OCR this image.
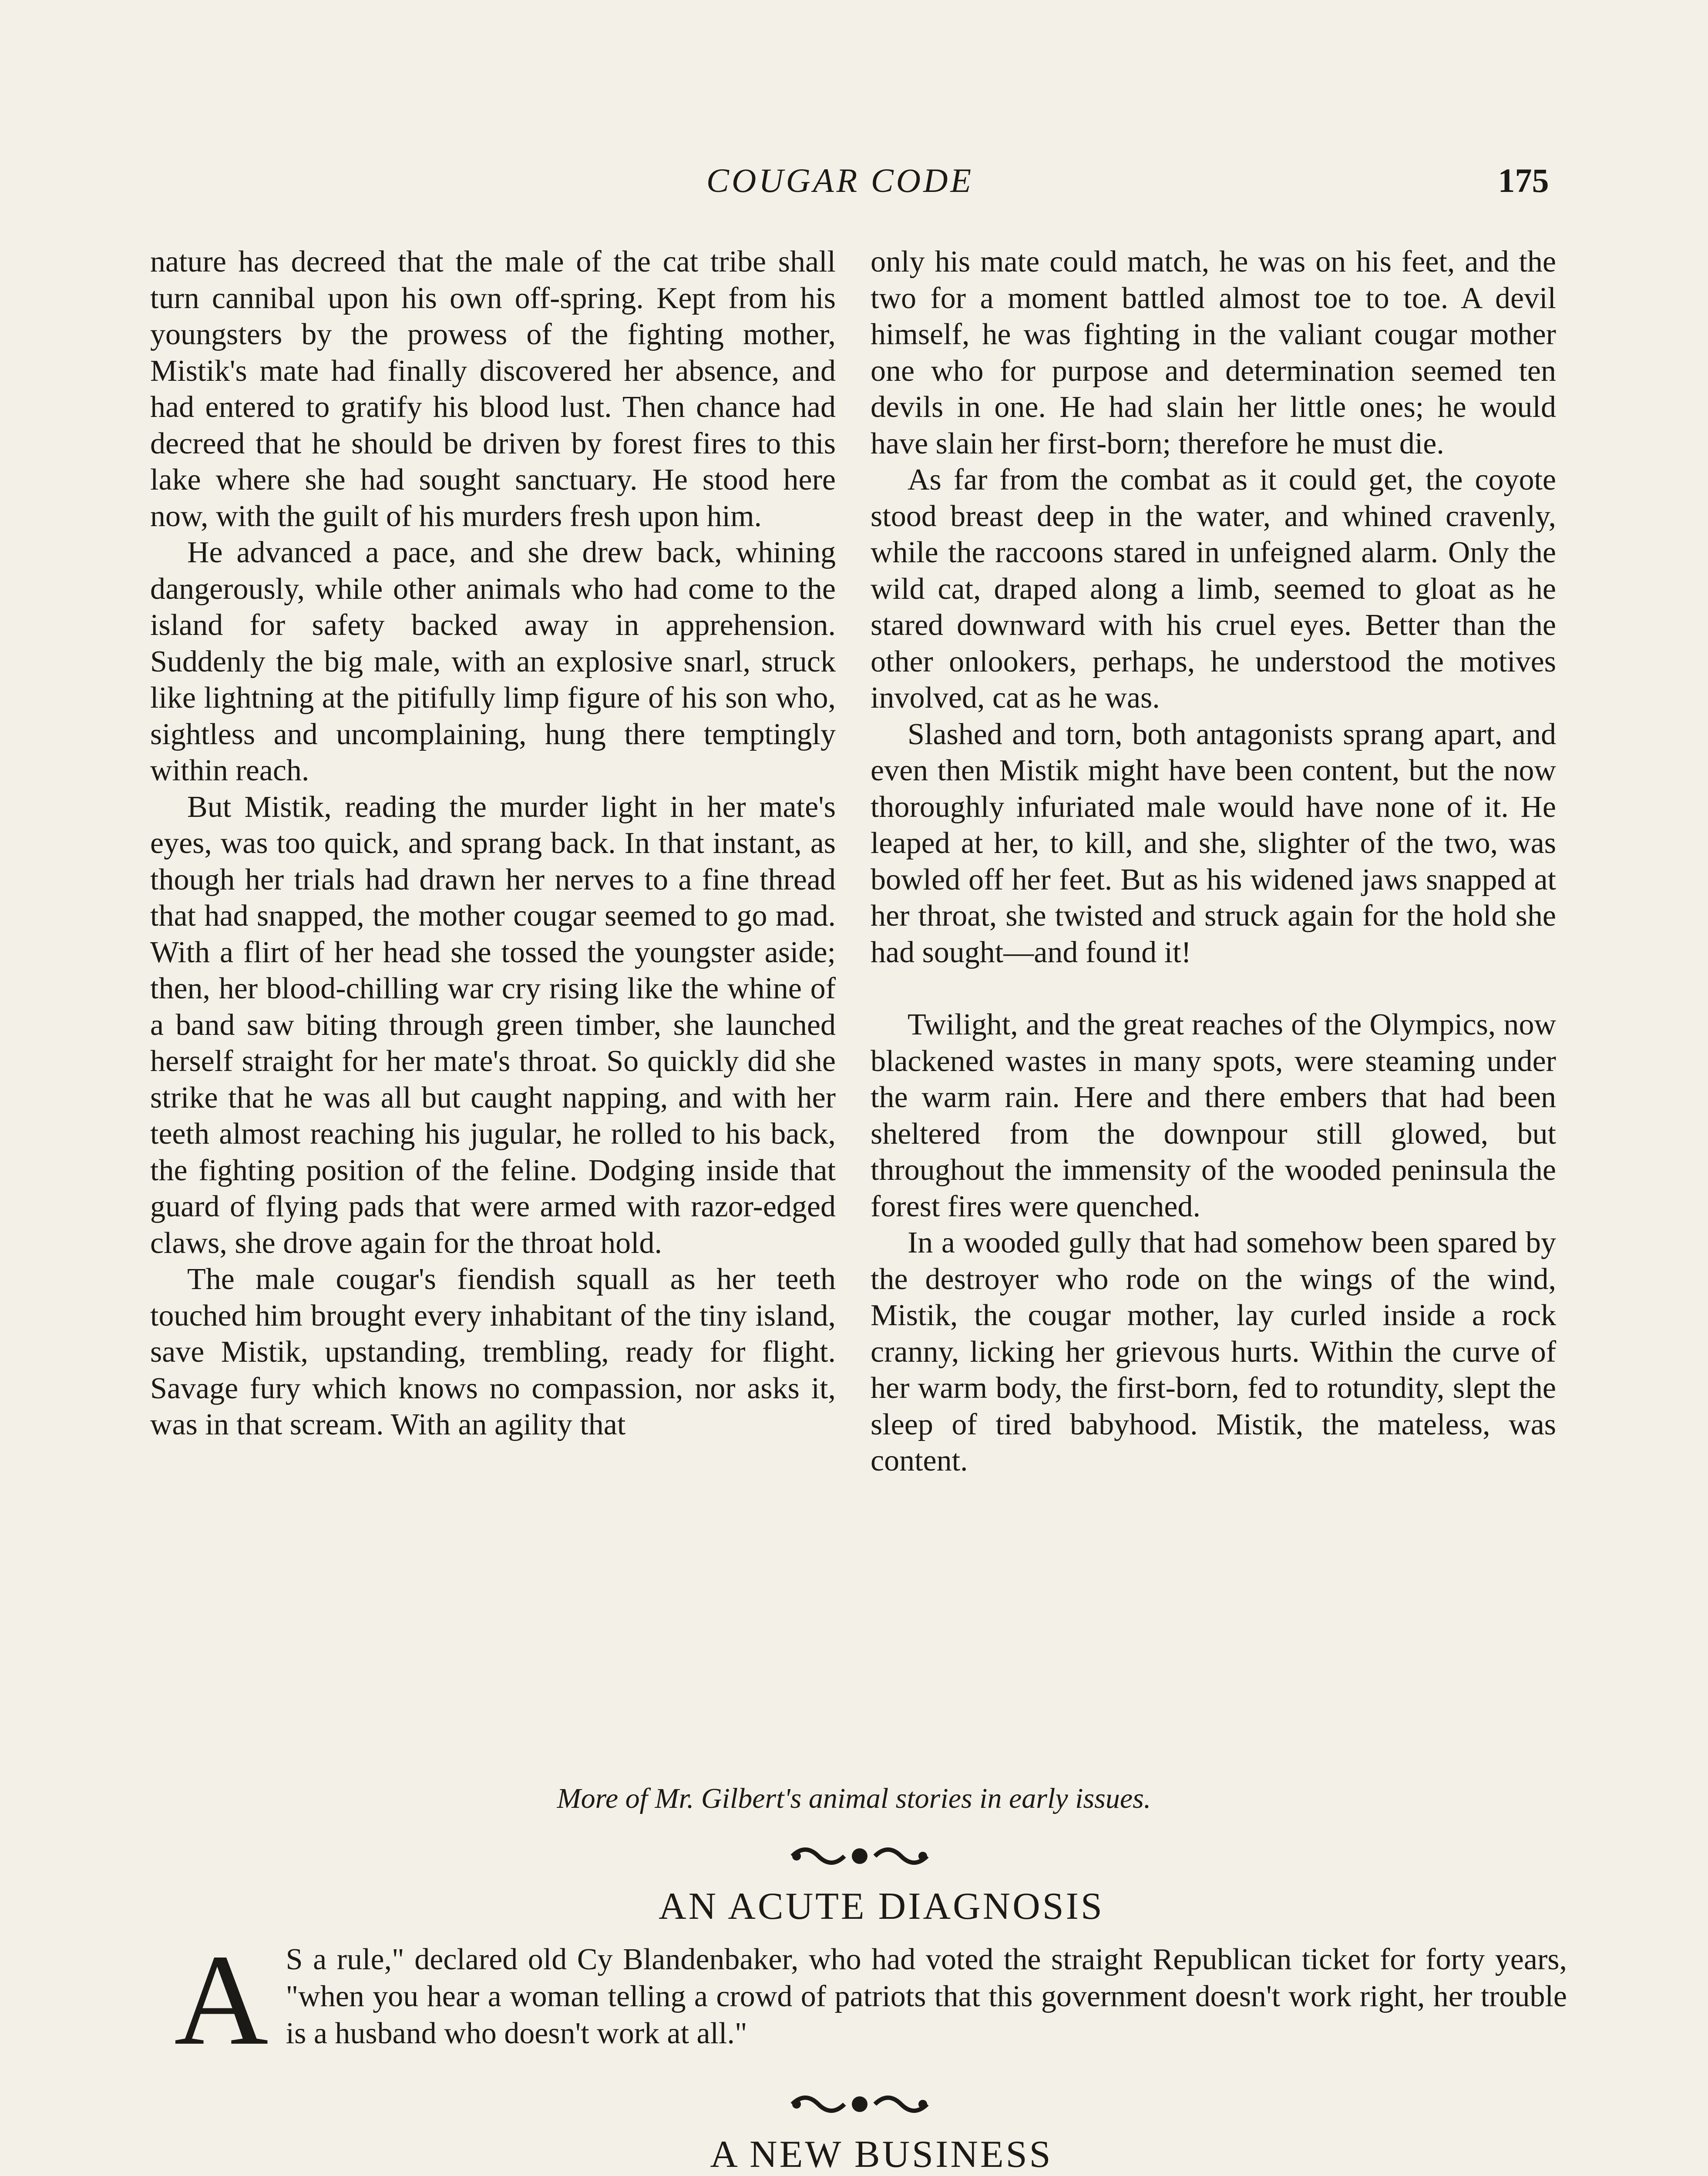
COUGAR CODE	175

nature has decreed that the male of the cat tribe shall turn cannibal upon his own off-spring. Kept from his youngsters by the prowess of the fighting mother, Mistik's mate had finally discovered her absence, and had entered to gratify his blood lust. Then chance had decreed that he should be driven by forest fires to this lake where she had sought sanctuary. He stood here now, with the guilt of his murders fresh upon him.

He advanced a pace, and she drew back, whining dangerously, while other animals who had come to the island for safety backed away in apprehension. Suddenly the big male, with an explosive snarl, struck like lightning at the pitifully limp figure of his son who, sightless and uncomplaining, hung there temptingly within reach.

But Mistik, reading the murder light in her mate's eyes, was too quick, and sprang back. In that instant, as though her trials had drawn her nerves to a fine thread that had snapped, the mother cougar seemed to go mad. With a flirt of her head she tossed the youngster aside; then, her blood-chilling war cry rising like the whine of a band saw biting through green timber, she launched herself straight for her mate's throat. So quickly did she strike that he was all but caught napping, and with her teeth almost reaching his jugular, he rolled to his back, the fighting position of the feline. Dodging inside that guard of flying pads that were armed with razor-edged claws, she drove again for the throat hold.

The male cougar's fiendish squall as her teeth touched him brought every inhabitant of the tiny island, save Mistik, upstanding, trembling, ready for flight. Savage fury which knows no compassion, nor asks it, was in that scream. With an agility that

only his mate could match, he was on his feet, and the two for a moment battled almost toe to toe. A devil himself, he was fighting in the valiant cougar mother one who for purpose and determination seemed ten devils in one. He had slain her little ones; he would have slain her first-born; therefore he must die.

As far from the combat as it could get, the coyote stood breast deep in the water, and whined cravenly, while the raccoons stared in unfeigned alarm. Only the wild cat, draped along a limb, seemed to gloat as he stared downward with his cruel eyes. Better than the other onlookers, perhaps, he understood the motives involved, cat as he was.

Slashed and torn, both antagonists sprang apart, and even then Mistik might have been content, but the now thoroughly infuriated male would have none of it. He leaped at her, to kill, and she, slighter of the two, was bowled off her feet. But as his widened jaws snapped at her throat, she twisted and struck again for the hold she had sought—and found it!

Twilight, and the great reaches of the Olympics, now blackened wastes in many spots, were steaming under the warm rain. Here and there embers that had been sheltered from the downpour still glowed, but throughout the immensity of the wooded peninsula the forest fires were quenched.

In a wooded gully that had somehow been spared by the destroyer who rode on the wings of the wind, Mistik, the cougar mother, lay curled inside a rock cranny, licking her grievous hurts. Within the curve of her warm body, the first-born, fed to rotundity, slept the sleep of tired babyhood. Mistik, the mateless, was content.

More of Mr. Gilbert's animal stories in early issues.
AN ACUTE DIAGNOSIS
A S a rule," declared old Cy Blandenbaker, who had voted the straight Republican ticket for forty years, "when you hear a woman telling a crowd of patriots that this government doesn't work right, her trouble is a husband who doesn't work at all."
A NEW BUSINESS
